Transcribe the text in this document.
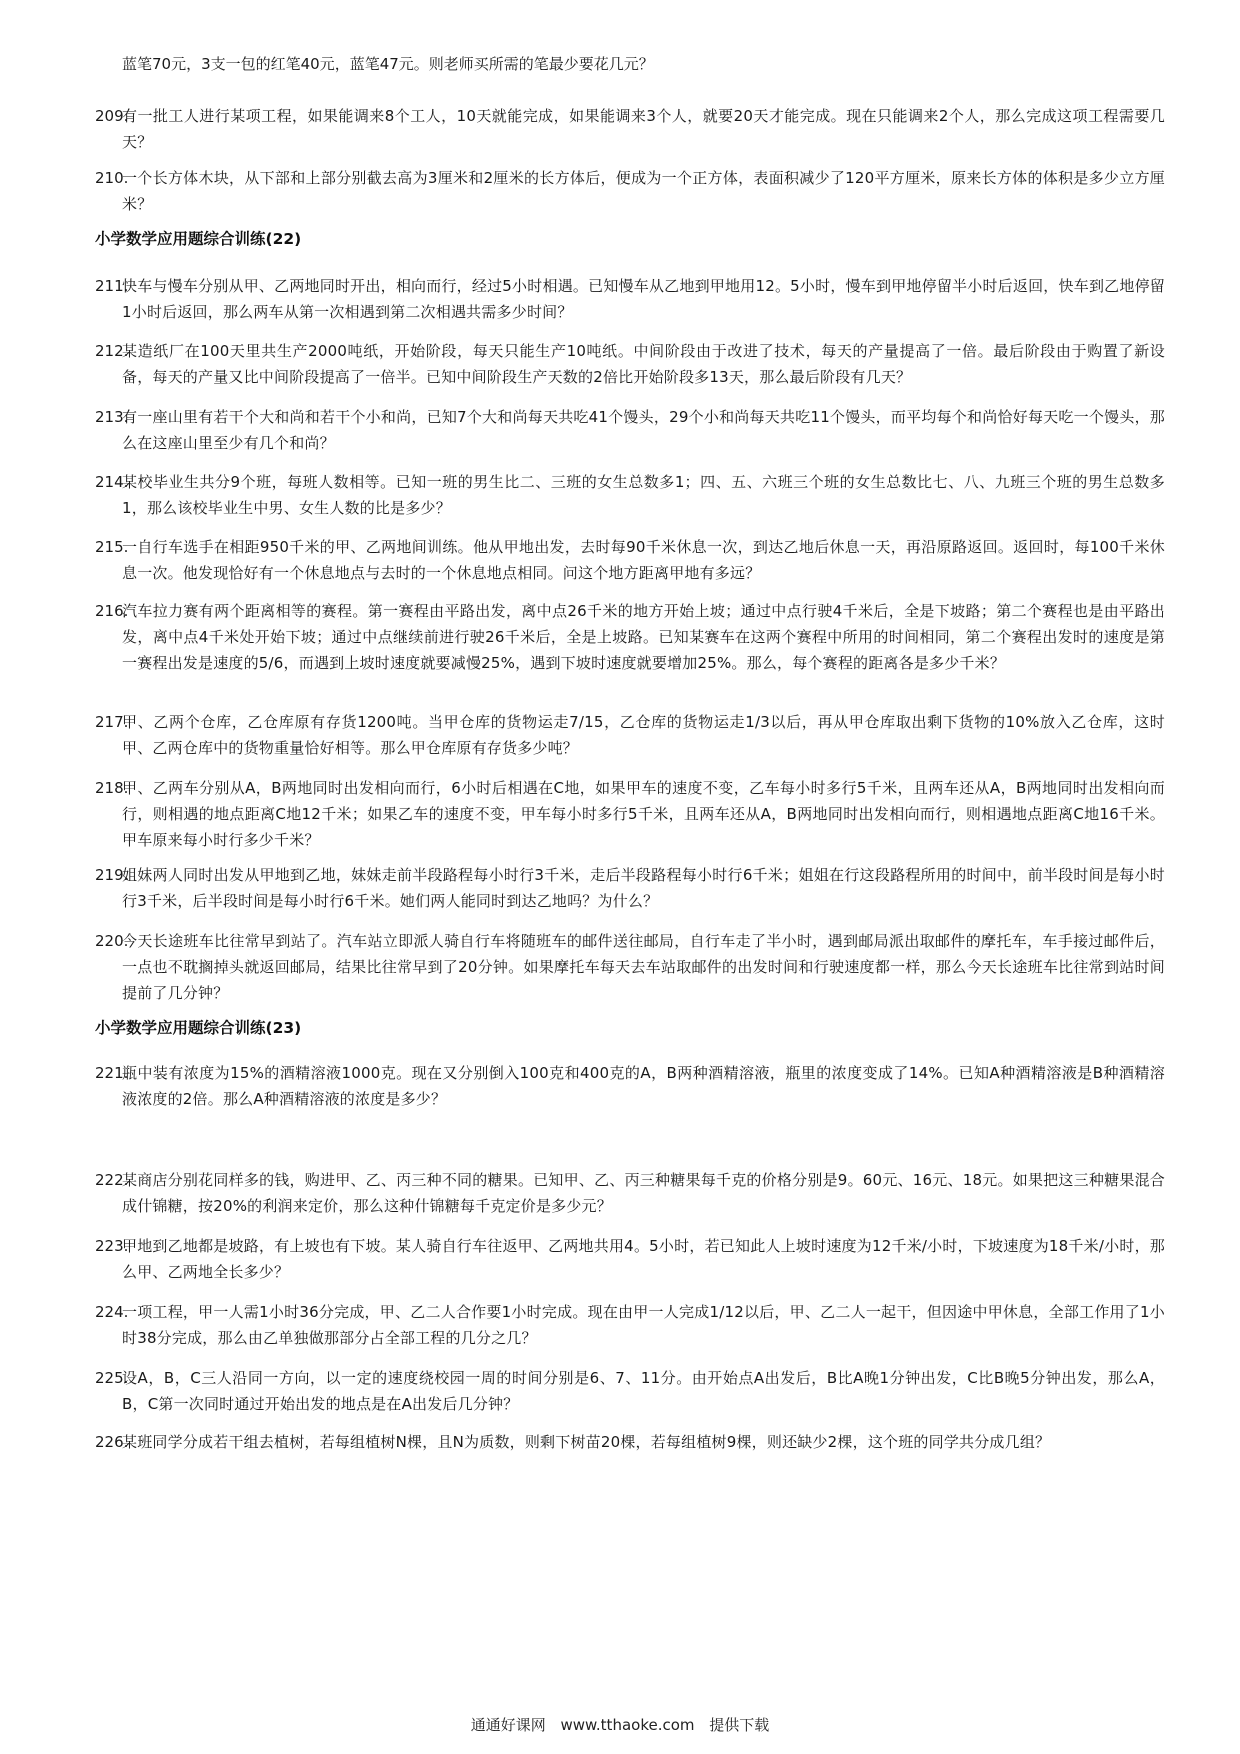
蓝笔70元，3支一包的红笔40元，蓝笔47元。则老师买所需的笔最少要花几元？
209.
有一批工人进行某项工程，如果能调来8个工人，10天就能完成，如果能调来3个人，就要20天才能完成。现在只能调来2个人，那么完成这项工程需要几天？
210.
一个长方体木块，从下部和上部分别截去高为3厘米和2厘米的长方体后，便成为一个正方体，表面积减少了120平方厘米，原来长方体的体积是多少立方厘米？
小学数学应用题综合训练(22)
211.
快车与慢车分别从甲、乙两地同时开出，相向而行，经过5小时相遇。已知慢车从乙地到甲地用12。5小时，慢车到甲地停留半小时后返回，快车到乙地停留1小时后返回，那么两车从第一次相遇到第二次相遇共需多少时间？
212.
某造纸厂在100天里共生产2000吨纸，开始阶段，每天只能生产10吨纸。中间阶段由于改进了技术，每天的产量提高了一倍。最后阶段由于购置了新设备，每天的产量又比中间阶段提高了一倍半。已知中间阶段生产天数的2倍比开始阶段多13天，那么最后阶段有几天？
213.
有一座山里有若干个大和尚和若干个小和尚，已知7个大和尚每天共吃41个馒头，29个小和尚每天共吃11个馒头，而平均每个和尚恰好每天吃一个馒头，那么在这座山里至少有几个和尚？
214.
某校毕业生共分9个班，每班人数相等。已知一班的男生比二、三班的女生总数多1；四、五、六班三个班的女生总数比七、八、九班三个班的男生总数多1，那么该校毕业生中男、女生人数的比是多少？
215.
一自行车选手在相距950千米的甲、乙两地间训练。他从甲地出发，去时每90千米休息一次，到达乙地后休息一天，再沿原路返回。返回时，每100千米休息一次。他发现恰好有一个休息地点与去时的一个休息地点相同。问这个地方距离甲地有多远？
216.
汽车拉力赛有两个距离相等的赛程。第一赛程由平路出发，离中点26千米的地方开始上坡；通过中点行驶4千米后，全是下坡路；第二个赛程也是由平路出发，离中点4千米处开始下坡；通过中点继续前进行驶26千米后，全是上坡路。已知某赛车在这两个赛程中所用的时间相同，第二个赛程出发时的速度是第一赛程出发是速度的5/6，而遇到上坡时速度就要减慢25%，遇到下坡时速度就要增加25%。那么，每个赛程的距离各是多少千米？
217.
甲、乙两个仓库，乙仓库原有存货1200吨。当甲仓库的货物运走7/15，乙仓库的货物运走1/3以后，再从甲仓库取出剩下货物的10%放入乙仓库，这时甲、乙两仓库中的货物重量恰好相等。那么甲仓库原有存货多少吨？
218.
甲、乙两车分别从A，B两地同时出发相向而行，6小时后相遇在C地，如果甲车的速度不变，乙车每小时多行5千米，且两车还从A，B两地同时出发相向而行，则相遇的地点距离C地12千米；如果乙车的速度不变，甲车每小时多行5千米，且两车还从A，B两地同时出发相向而行，则相遇地点距离C地16千米。甲车原来每小时行多少千米？
219.
姐妹两人同时出发从甲地到乙地，妹妹走前半段路程每小时行3千米，走后半段路程每小时行6千米；姐姐在行这段路程所用的时间中，前半段时间是每小时行3千米，后半段时间是每小时行6千米。她们两人能同时到达乙地吗？为什么？
220.
今天长途班车比往常早到站了。汽车站立即派人骑自行车将随班车的邮件送往邮局，自行车走了半小时，遇到邮局派出取邮件的摩托车，车手接过邮件后，一点也不耽搁掉头就返回邮局，结果比往常早到了20分钟。如果摩托车每天去车站取邮件的出发时间和行驶速度都一样，那么今天长途班车比往常到站时间提前了几分钟？
小学数学应用题综合训练(23)
221.
瓶中装有浓度为15%的酒精溶液1000克。现在又分别倒入100克和400克的A，B两种酒精溶液，瓶里的浓度变成了14%。已知A种酒精溶液是B种酒精溶液浓度的2倍。那么A种酒精溶液的浓度是多少？
222.
某商店分别花同样多的钱，购进甲、乙、丙三种不同的糖果。已知甲、乙、丙三种糖果每千克的价格分别是9。60元、16元、18元。如果把这三种糖果混合成什锦糖，按20%的利润来定价，那么这种什锦糖每千克定价是多少元？
223.
甲地到乙地都是坡路，有上坡也有下坡。某人骑自行车往返甲、乙两地共用4。5小时，若已知此人上坡时速度为12千米/小时，下坡速度为18千米/小时，那么甲、乙两地全长多少？
224.
一项工程，甲一人需1小时36分完成，甲、乙二人合作要1小时完成。现在由甲一人完成1/12以后，甲、乙二人一起干，但因途中甲休息，全部工作用了1小时38分完成，那么由乙单独做那部分占全部工程的几分之几？
225.
设A，B，C三人沿同一方向，以一定的速度绕校园一周的时间分别是6、7、11分。由开始点A出发后，B比A晚1分钟出发，C比B晚5分钟出发，那么A，B，C第一次同时通过开始出发的地点是在A出发后几分钟？
226.
某班同学分成若干组去植树，若每组植树N棵，且N为质数，则剩下树苗20棵，若每组植树9棵，则还缺少2棵，这个班的同学共分成几组？
通通好课网 www.tthaoke.com 提供下载
